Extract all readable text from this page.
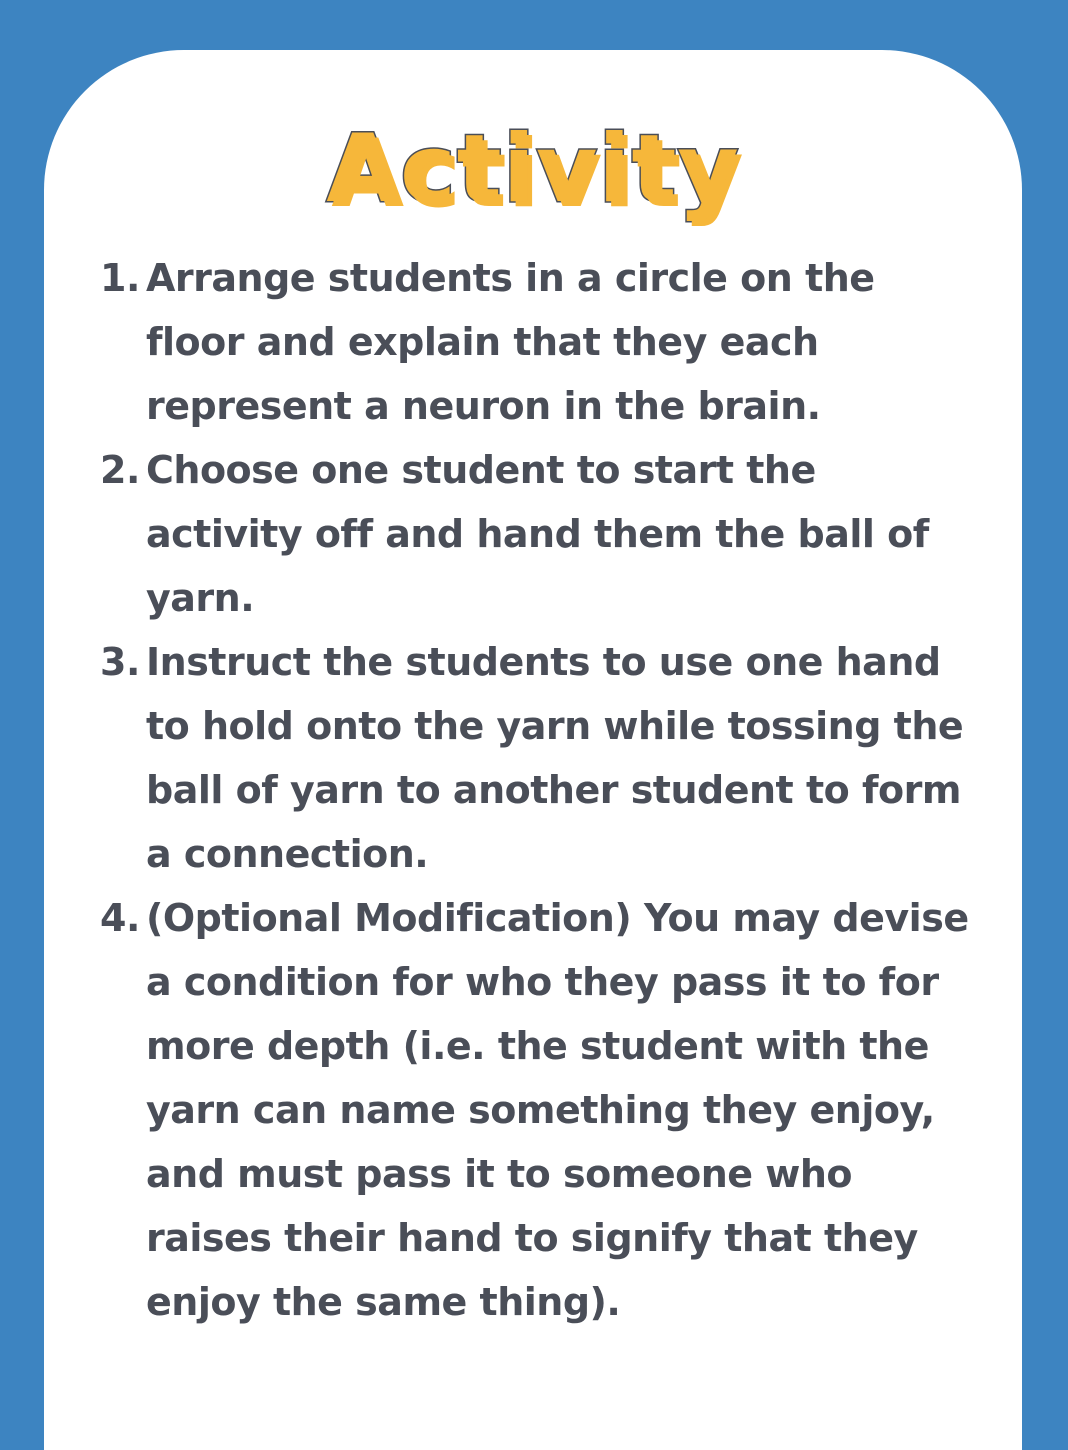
Activity
1. Arrange students in a circle on the floor and explain that they each represent a neuron in the brain.
2. Choose one student to start the activity off and hand them the ball of yarn.
3. Instruct the students to use one hand to hold onto the yarn while tossing the ball of yarn to another student to form a connection.
4. (Optional Modification) You may devise a condition for who they pass it to for more depth (i.e. the student with the yarn can name something they enjoy, and must pass it to someone who raises their hand to signify that they enjoy the same thing).
